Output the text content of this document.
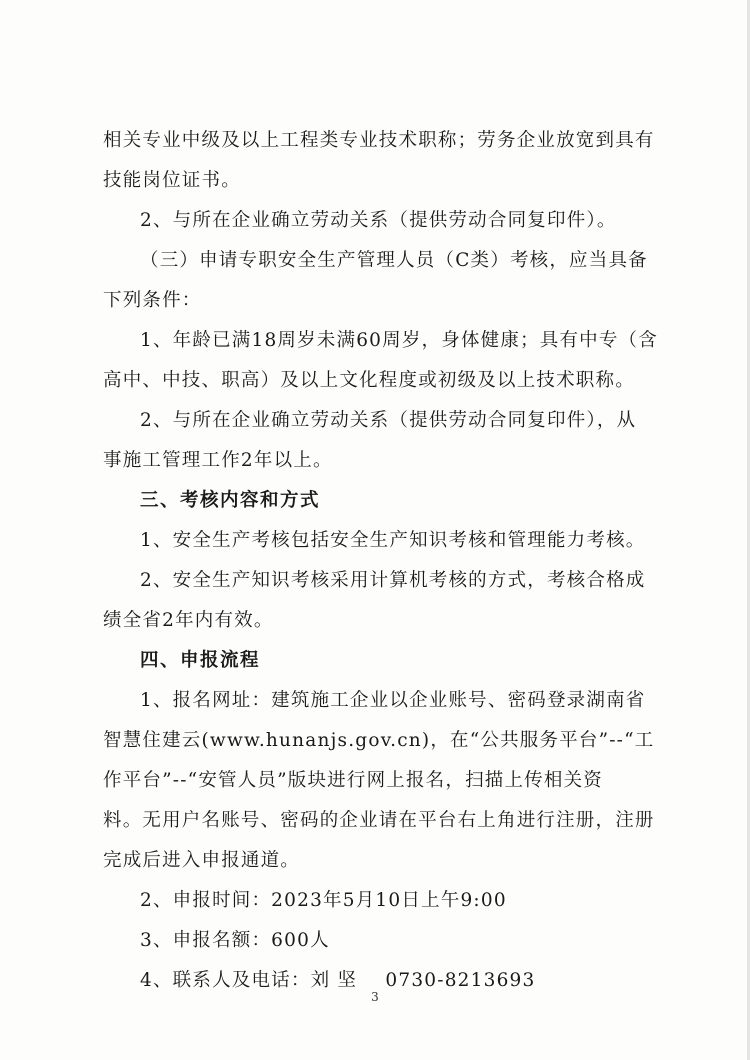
相关专业中级及以上工程类专业技术职称；劳务企业放宽到具有

技能岗位证书。

2、与所在企业确立劳动关系（提供劳动合同复印件）。

（三）申请专职安全生产管理人员（C类）考核，应当具备

下列条件：

1、年龄已满18周岁未满60周岁，身体健康；具有中专（含

高中、中技、职高）及以上文化程度或初级及以上技术职称。

2、与所在企业确立劳动关系（提供劳动合同复印件），从

事施工管理工作2年以上。

三、考核内容和方式

1、安全生产考核包括安全生产知识考核和管理能力考核。

2、安全生产知识考核采用计算机考核的方式，考核合格成

绩全省2年内有效。

四、申报流程

1、报名网址：建筑施工企业以企业账号、密码登录湖南省

智慧住建云(www.hunanjs.gov.cn)，在“公共服务平台”--“工

作平台”--“安管人员”版块进行网上报名，扫描上传相关资

料。无用户名账号、密码的企业请在平台右上角进行注册，注册

完成后进入申报通道。

2、申报时间：2023年5月10日上午9:00

3、申报名额：600人

4、联系人及电话：刘 坚    0730-8213693

3
